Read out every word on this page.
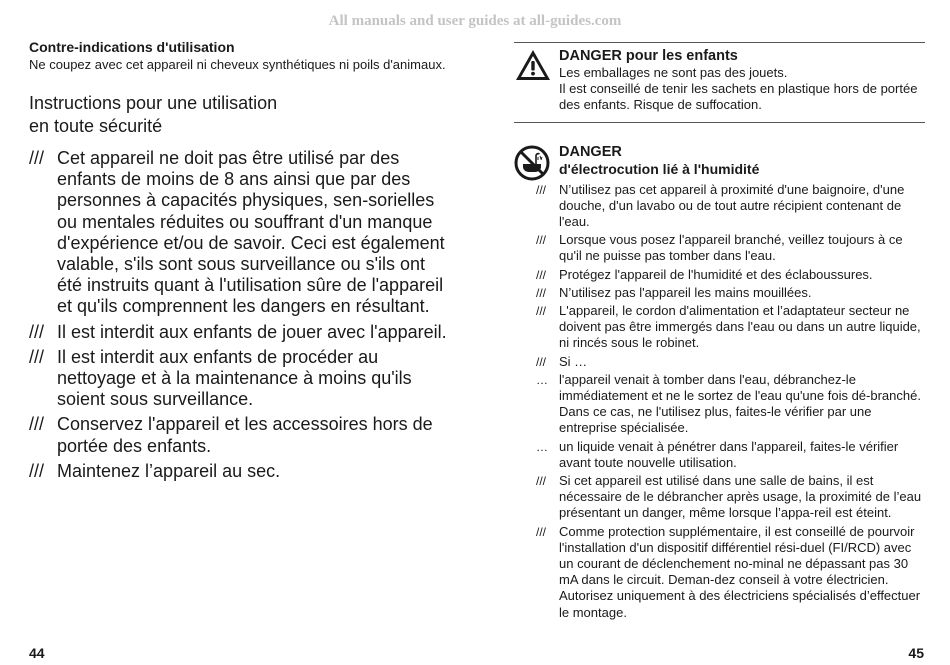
All manuals and user guides at all-guides.com
Contre-indications d'utilisation
Ne coupez avec cet appareil ni cheveux synthétiques ni poils d'animaux.
Instructions pour une utilisation
en toute sécurité
/// Cet appareil ne doit pas être utilisé par des enfants de moins de 8 ans ainsi que par des personnes à capacités physiques, sen-sorielles ou mentales réduites ou souffrant d'un manque d'expérience et/ou de savoir. Ceci est également valable, s'ils sont sous surveillance ou s'ils ont été instruits quant à l'utilisation sûre de l'appareil et qu'ils comprennent les dangers en résultant.
/// Il est interdit aux enfants de jouer avec l'appareil.
/// Il est interdit aux enfants de procéder au nettoyage et à la maintenance à moins qu'ils soient sous surveillance.
/// Conservez l'appareil et les accessoires hors de portée des enfants.
/// Maintenez l’appareil au sec.
44
DANGER pour les enfants
Les emballages ne sont pas des jouets.
Il est conseillé de tenir les sachets en plastique hors de portée des enfants. Risque de suffocation.
DANGER
d'électrocution lié à l'humidité
/// N’utilisez pas cet appareil à proximité d'une baignoire, d'une douche, d'un lavabo ou de tout autre récipient contenant de l'eau.
/// Lorsque vous posez l'appareil branché, veillez toujours à ce qu'il ne puisse pas tomber dans l'eau.
/// Protégez l'appareil de l'humidité et des éclaboussures.
/// N’utilisez pas l'appareil les mains mouillées.
/// L'appareil, le cordon d'alimentation et l’adaptateur secteur ne doivent pas être immergés dans l'eau ou dans un autre liquide, ni rincés sous le robinet.
/// Si …
… l'appareil venait à tomber dans l'eau, débranchez-le immédiatement et ne le sortez de l'eau qu'une fois dé-branché. Dans ce cas, ne l'utilisez plus, faites-le vérifier par une entreprise spécialisée.
… un liquide venait à pénétrer dans l'appareil, faites-le vérifier avant toute nouvelle utilisation.
/// Si cet appareil est utilisé dans une salle de bains, il est nécessaire de le débrancher après usage, la proximité de l’eau présentant un danger, même lorsque l’appa-reil est éteint.
/// Comme protection supplémentaire, il est conseillé de pourvoir l'installation d'un dispositif différentiel rési-duel (FI/RCD) avec un courant de déclenchement no-minal ne dépassant pas 30 mA dans le circuit. Deman-dez conseil à votre électricien. Autorisez uniquement à des électriciens spécialisés d’effectuer le montage.
45
